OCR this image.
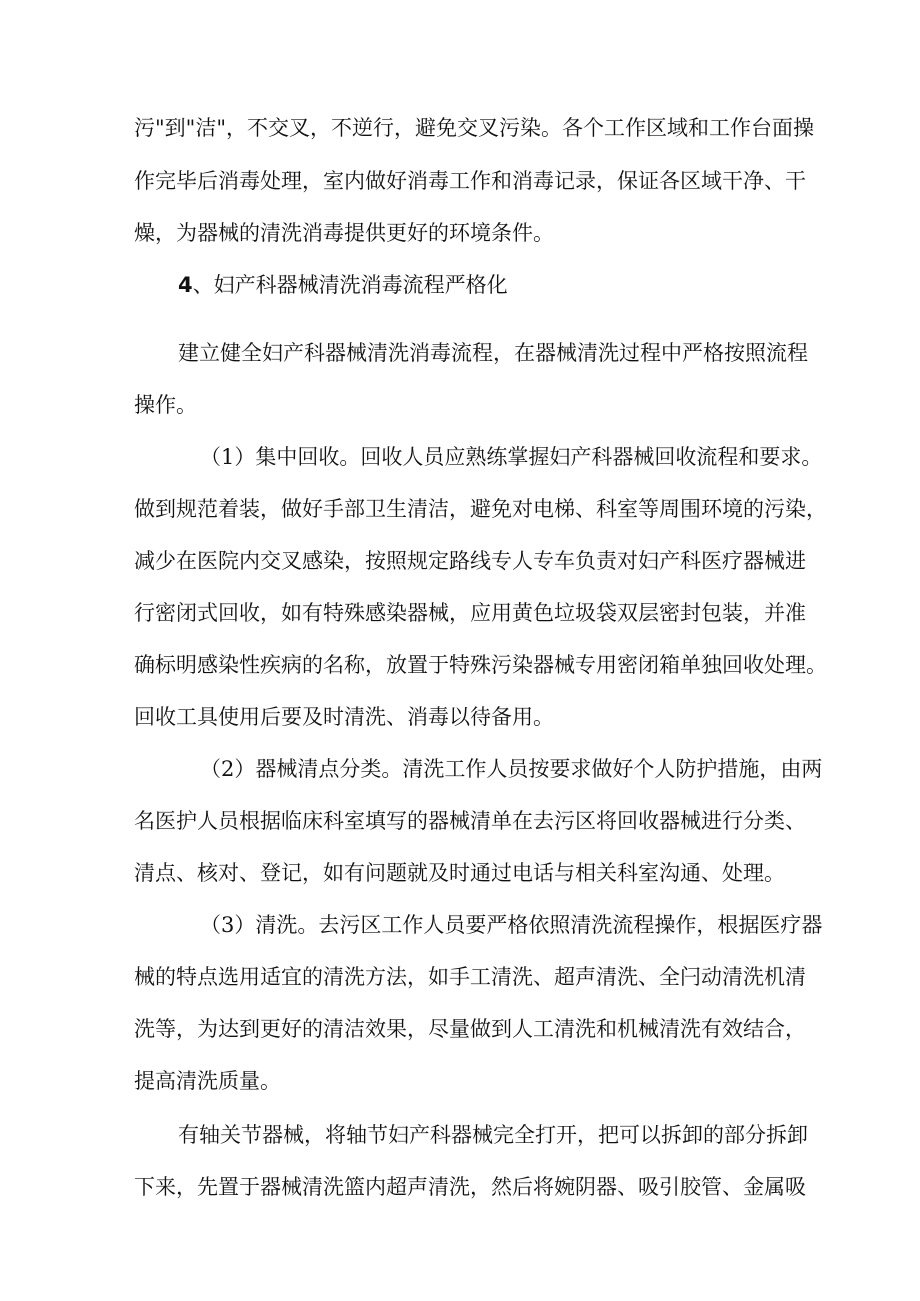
污"到"洁"，不交叉，不逆行，避免交叉污染。各个工作区域和工作台面操
作完毕后消毒处理，室内做好消毒工作和消毒记录，保证各区域干净、干
燥，为器械的清洗消毒提供更好的环境条件。
4、妇产科器械清洗消毒流程严格化
建立健全妇产科器械清洗消毒流程，在器械清洗过程中严格按照流程
操作。
（1）集中回收。回收人员应熟练掌握妇产科器械回收流程和要求。
做到规范着装，做好手部卫生清洁，避免对电梯、科室等周围环境的污染，
减少在医院内交叉感染，按照规定路线专人专车负责对妇产科医疗器械进
行密闭式回收，如有特殊感染器械，应用黄色垃圾袋双层密封包装，并准
确标明感染性疾病的名称，放置于特殊污染器械专用密闭箱单独回收处理。
回收工具使用后要及时清洗、消毒以待备用。
（2）器械清点分类。清洗工作人员按要求做好个人防护措施，由两
名医护人员根据临床科室填写的器械清单在去污区将回收器械进行分类、
清点、核对、登记，如有问题就及时通过电话与相关科室沟通、处理。
（3）清洗。去污区工作人员要严格依照清洗流程操作，根据医疗器
械的特点选用适宜的清洗方法，如手工清洗、超声清洗、全闩动清洗机清
洗等，为达到更好的清洁效果，尽量做到人工清洗和机械清洗有效结合，
提高清洗质量。
有轴关节器械，将轴节妇产科器械完全打开，把可以拆卸的部分拆卸
下来，先置于器械清洗篮内超声清洗，然后将婉阴器、吸引胶管、金属吸
